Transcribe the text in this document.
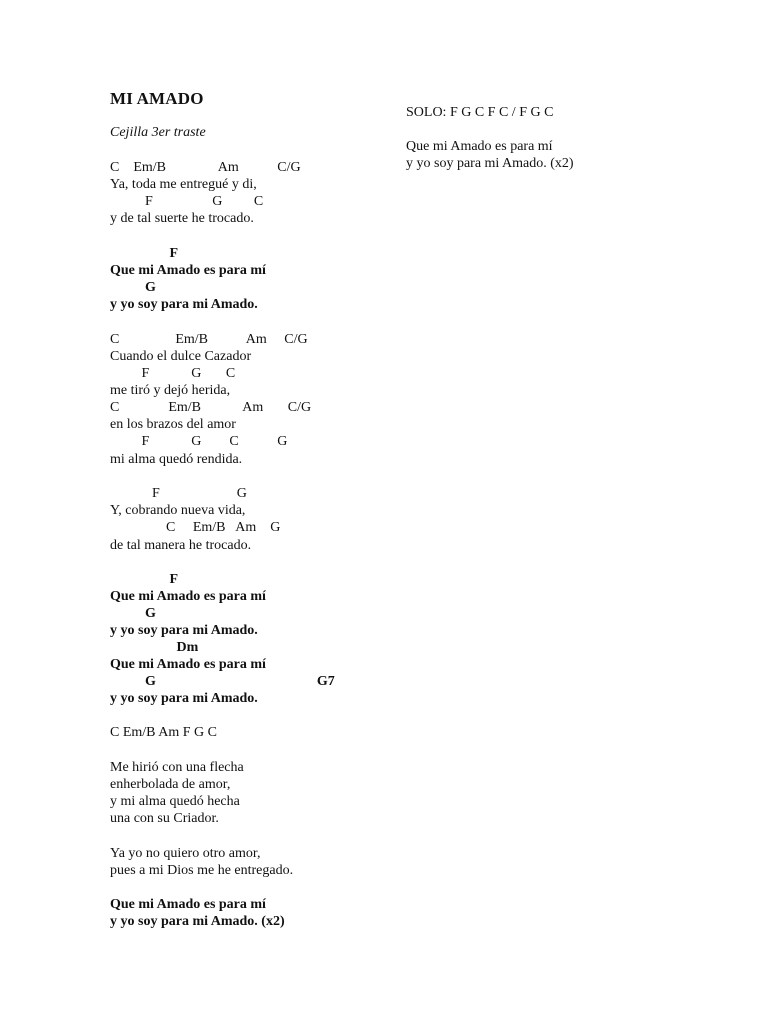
MI AMADO

Cejilla 3er traste

C    Em/B               Am           C/G

Ya, toda me entregué y di,

F                 G         C

y de tal suerte he trocado.

F

Que mi Amado es para mí

G

y yo soy para mi Amado.

C                Em/B           Am     C/G

Cuando el dulce Cazador

F            G       C

me tiró y dejó herida,

C              Em/B            Am       C/G

en los brazos del amor

F            G        C           G

mi alma quedó rendida.

F                      G

Y, cobrando nueva vida,

C     Em/B   Am    G

de tal manera he trocado.

F

Que mi Amado es para mí

G

y yo soy para mi Amado.

Dm

Que mi Amado es para mí

G                                              G7

y yo soy para mi Amado.

C Em/B Am F G C

Me hirió con una flecha

enherbolada de amor,

y mi alma quedó hecha

una con su Criador.

Ya yo no quiero otro amor,

pues a mi Dios me he entregado.

Que mi Amado es para mí

y yo soy para mi Amado. (x2)

SOLO: F G C F C / F G C

Que mi Amado es para mí

y yo soy para mi Amado. (x2)
